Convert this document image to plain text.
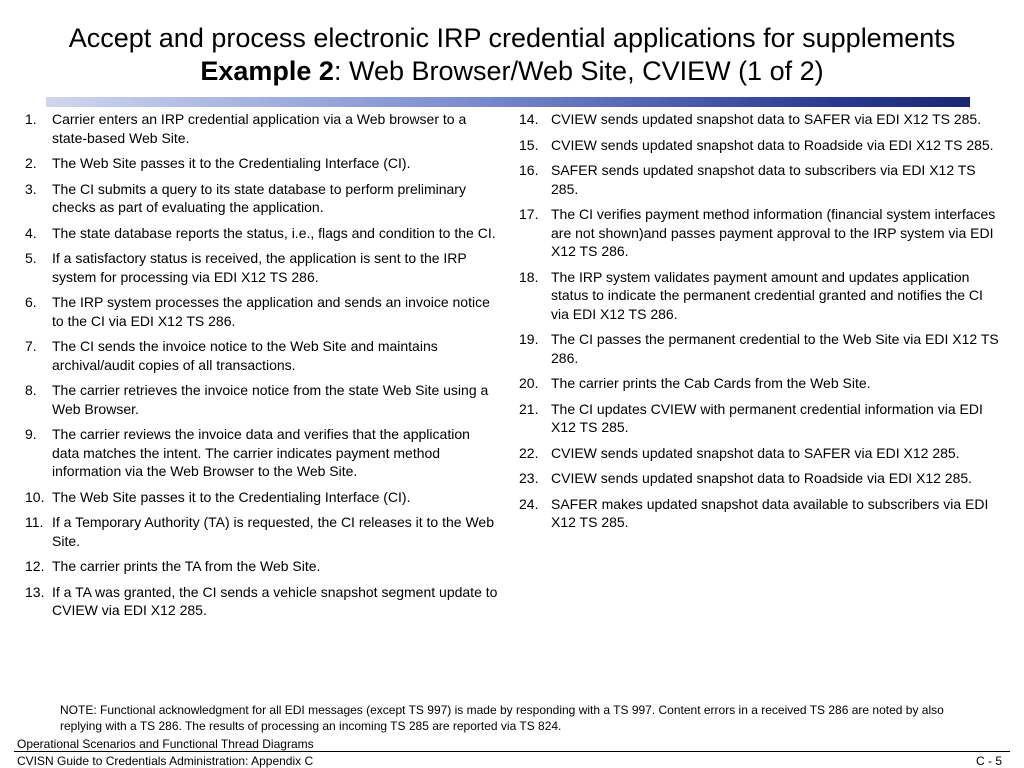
Accept and process electronic IRP credential applications for supplements
Example 2: Web Browser/Web Site, CVIEW (1 of 2)
1.	Carrier enters an IRP credential application via a Web browser to a state-based Web Site.
2.	The Web Site passes it to the Credentialing Interface (CI).
3.	The CI submits a query to its state database to perform preliminary checks as part of evaluating the application.
4.	The state database reports the status, i.e., flags and condition to the CI.
5.	If a satisfactory status is received, the application is sent to the IRP system for processing via EDI X12 TS 286.
6.	The IRP system processes the application and sends an invoice notice to the CI via EDI X12 TS 286.
7.	The CI sends the invoice notice to the Web Site and maintains archival/audit copies of all transactions.
8.	The carrier retrieves the invoice notice from the state Web Site using a Web Browser.
9.	The carrier reviews the invoice data and verifies that the application data matches the intent. The carrier indicates payment method information via the Web Browser to the Web Site.
10. The Web Site passes it to the Credentialing Interface (CI).
11. If a Temporary Authority (TA) is requested, the CI releases it to the Web Site.
12. The carrier prints the TA from the Web Site.
13. If a TA was granted, the CI sends a vehicle snapshot segment update to CVIEW via EDI X12 285.
14. CVIEW sends updated snapshot data to SAFER via EDI X12 TS 285.
15. CVIEW sends updated snapshot data to Roadside via EDI X12 TS 285.
16. SAFER sends updated snapshot data to subscribers via EDI X12 TS 285.
17. The CI verifies payment method information (financial system interfaces are not shown)and passes payment approval to the IRP system via EDI X12 TS 286.
18. The IRP system validates payment amount and updates application status to indicate the permanent credential granted and notifies the CI via EDI X12 TS 286.
19. The CI passes the permanent credential to the Web Site via EDI X12 TS 286.
20. The carrier prints the Cab Cards from the Web Site.
21. The CI updates CVIEW with permanent credential information via EDI X12 TS 285.
22. CVIEW sends updated snapshot data to SAFER via EDI X12 285.
23. CVIEW sends updated snapshot data to Roadside via EDI X12 285.
24. SAFER makes updated snapshot data available to subscribers via EDI X12 TS 285.
NOTE: Functional acknowledgment for all EDI messages (except TS 997) is made by responding with a TS 997. Content errors in a received TS 286 are noted by also replying with a TS 286. The results of processing an incoming TS 285 are reported via TS 824.
Operational Scenarios and Functional Thread Diagrams
CVISN Guide to Credentials Administration: Appendix C	C - 5
